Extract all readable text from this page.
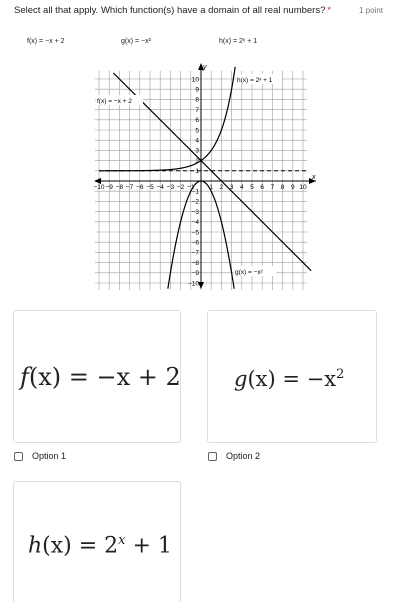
Select all that apply. Which function(s) have a domain of all real numbers? *	1 point
f(x) = −x + 2	g(x) = −x²	h(x) = 2ˣ + 1
x
y
−10 −9 −8 −7 −6 −5 −4 −3 −2 −1 1 2 3 4 5 6 7 8 9 10
10
9
8
7
6
5
4
3
2
1
−1
−2
−3
−4
−5
−6
−7
−8
−9
−10
f(x) = −x + 2
h(x) = 2ˣ + 1
g(x) = −x²
f(x) = −x + 2
Option 1
$g(x) = -x^2$
Option 2
$h(x) = 2^x + 1$
